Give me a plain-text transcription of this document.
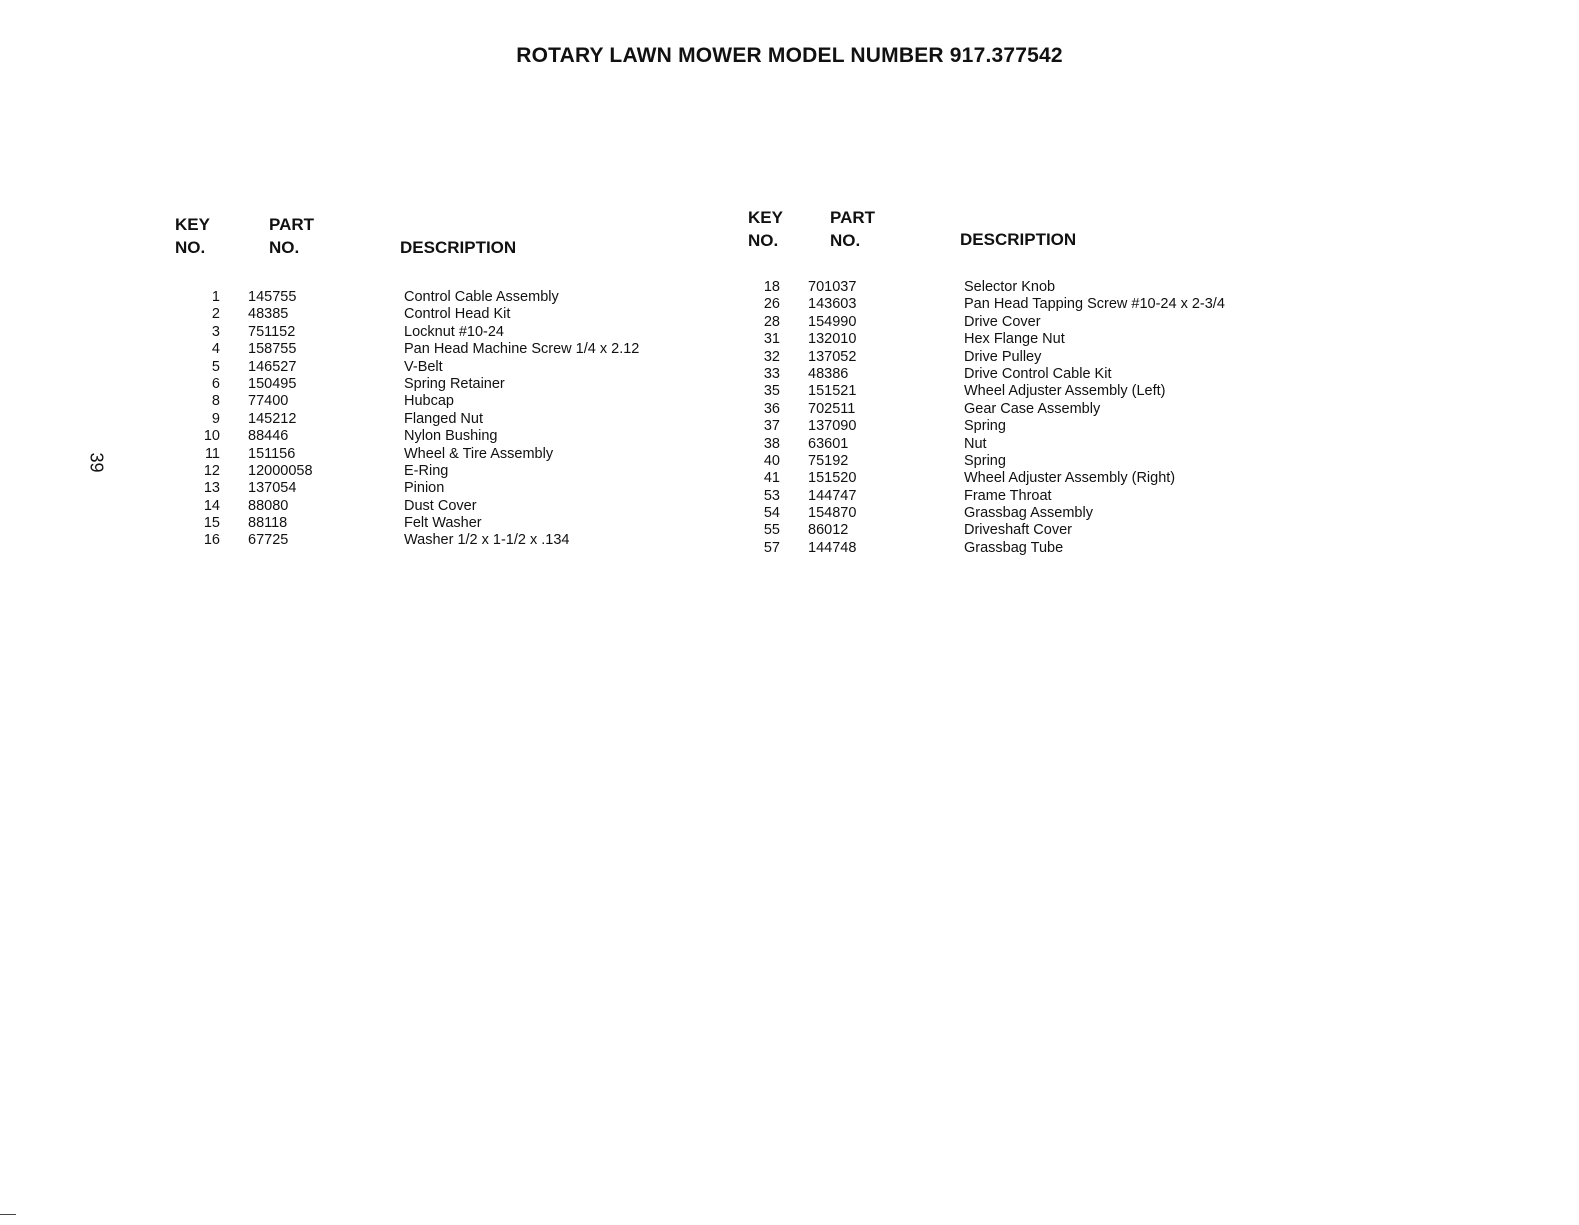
ROTARY LAWN MOWER MODEL NUMBER 917.377542
39
KEY
NO.
PART
NO.	DESCRIPTION
KEY
NO.
PART
NO.	DESCRIPTION
1 145755	Control Cable Assembly
2 48385	Control Head Kit
3 751152	Locknut #10-24
4 158755	Pan Head Machine Screw 1/4 x 2.12
5 146527	V-Belt
6 150495	Spring Retainer
8 77400	Hubcap
9 145212	Flanged Nut
10 88446	Nylon Bushing
11 151156	Wheel & Tire Assembly
12 12000058	E-Ring
13 137054	Pinion
14 88080	Dust Cover
15 88118	Felt Washer
16 67725	Washer 1/2 x 1-1/2 x .134
18 701037	Selector Knob
26 143603	Pan Head Tapping Screw #10-24 x 2-3/4
28 154990	Drive Cover
31 132010	Hex Flange Nut
32 137052	Drive Pulley
33 48386	Drive Control Cable Kit
35 151521	Wheel Adjuster Assembly (Left)
36 702511	Gear Case Assembly
37 137090	Spring
38 63601	Nut
40 75192	Spring
41 151520	Wheel Adjuster Assembly (Right)
53 144747	Frame Throat
54 154870	Grassbag Assembly
55 86012	Driveshaft Cover
57 144748	Grassbag Tube
